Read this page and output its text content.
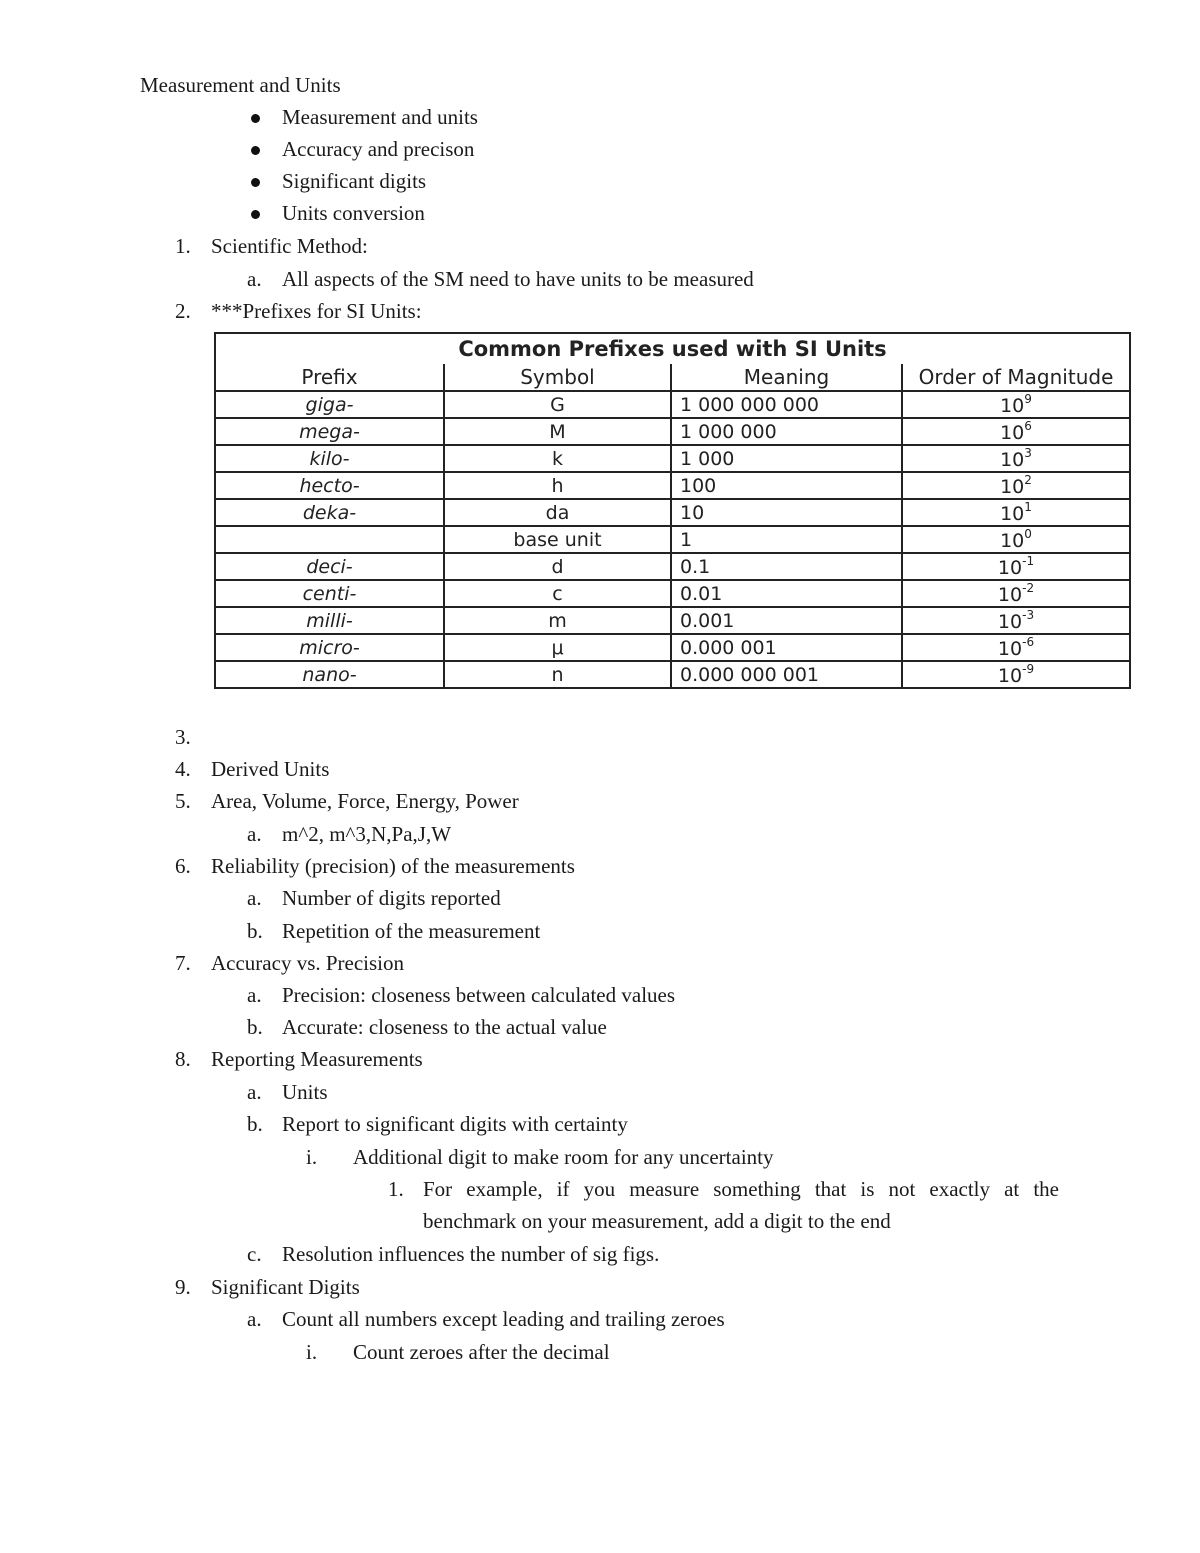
Measurement and Units
Measurement and units
Accuracy and precison
Significant digits
Units conversion
1. Scientific Method:
a. All aspects of the SM need to have units to be measured
2. ***Prefixes for SI Units:
Common Prefixes used with SI Units			
Prefix	Symbol	Meaning	Order of Magnitude
giga-	G	1 000 000 000	$10^9$
mega-	M	1 000 000	$10^6$
kilo-	k	1 000	$10^3$
hecto-	h	100	$10^2$
deka-	da	10	$10^1$
	base unit	1	$10^0$
deci-	d	0.1	$10^{-1}$
centi-	c	0.01	$10^{-2}$
milli-	m	0.001	$10^{-3}$
micro-	μ	0.000 001	$10^{-6}$
nano-	n	0.000 000 001	$10^{-9}$
3.
4. Derived Units
5. Area, Volume, Force, Energy, Power
a. m^2, m^3,N,Pa,J,W
6. Reliability (precision) of the measurements
a. Number of digits reported
b. Repetition of the measurement
7. Accuracy vs. Precision
a. Precision: closeness between calculated values
b. Accurate: closeness to the actual value
8. Reporting Measurements
a. Units
b. Report to significant digits with certainty
i. Additional digit to make room for any uncertainty
1. For example, if you measure something that is not exactly at the
benchmark on your measurement, add a digit to the end
c. Resolution influences the number of sig figs.
9. Significant Digits
a. Count all numbers except leading and trailing zeroes
i. Count zeroes after the decimal
